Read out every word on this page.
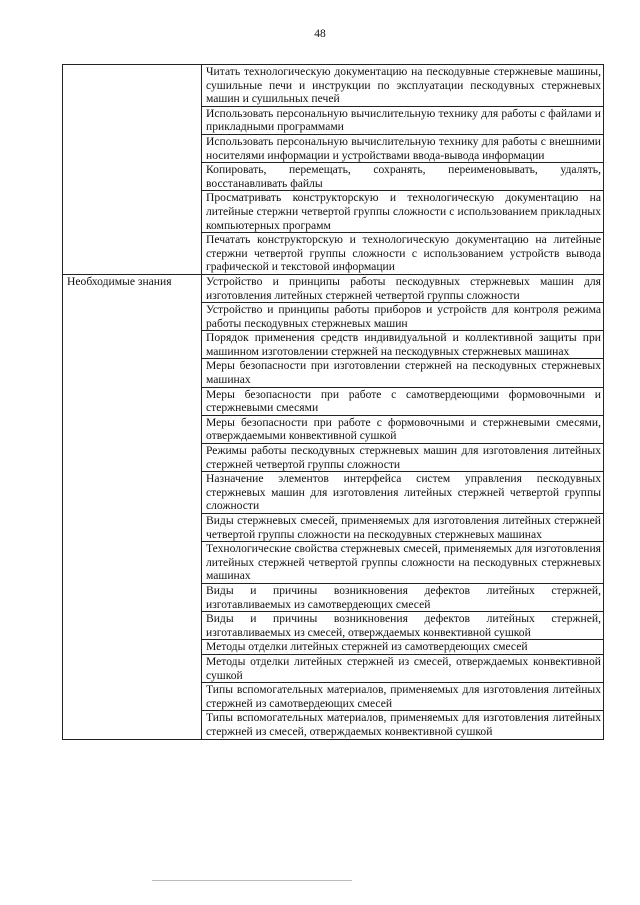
48
	Читать технологическую документацию на пескодувные стержневые машины, сушильные печи и инструкции по эксплуатации пескодувных стержневых машин и сушильных печей
	Использовать персональную вычислительную технику для работы с файлами и прикладными программами
	Использовать персональную вычислительную технику для работы с внешними носителями информации и устройствами ввода-вывода информации
	Копировать, перемещать, сохранять, переименовывать, удалять, восстанавливать файлы
	Просматривать конструкторскую и технологическую документацию на литейные стержни четвертой группы сложности с использованием прикладных компьютерных программ
	Печатать конструкторскую и технологическую документацию на литейные стержни четвертой группы сложности с использованием устройств вывода графической и текстовой информации
Необходимые знания	Устройство и принципы работы пескодувных стержневых машин для изготовления литейных стержней четвертой группы сложности
	Устройство и принципы работы приборов и устройств для контроля режима работы пескодувных стержневых машин
	Порядок применения средств индивидуальной и коллективной защиты при машинном изготовлении стержней на пескодувных стержневых машинах
	Меры безопасности при изготовлении стержней на пескодувных стержневых машинах
	Меры безопасности при работе с самотвердеющими формовочными и стержневыми смесями
	Меры безопасности при работе с формовочными и стержневыми смесями, отверждаемыми конвективной сушкой
	Режимы работы пескодувных стержневых машин для изготовления литейных стержней четвертой группы сложности
	Назначение элементов интерфейса систем управления пескодувных стержневых машин для изготовления литейных стержней четвертой группы сложности
	Виды стержневых смесей, применяемых для изготовления литейных стержней четвертой группы сложности на пескодувных стержневых машинах
	Технологические свойства стержневых смесей, применяемых для изготовления литейных стержней четвертой группы сложности на пескодувных стержневых машинах
	Виды и причины возникновения дефектов литейных стержней, изготавливаемых из самотвердеющих смесей
	Виды и причины возникновения дефектов литейных стержней, изготавливаемых из смесей, отверждаемых конвективной сушкой
	Методы отделки литейных стержней из самотвердеющих смесей
	Методы отделки литейных стержней из смесей, отверждаемых конвективной сушкой
	Типы вспомогательных материалов, применяемых для изготовления литейных стержней из самотвердеющих смесей
	Типы вспомогательных материалов, применяемых для изготовления литейных стержней из смесей, отверждаемых конвективной сушкой
